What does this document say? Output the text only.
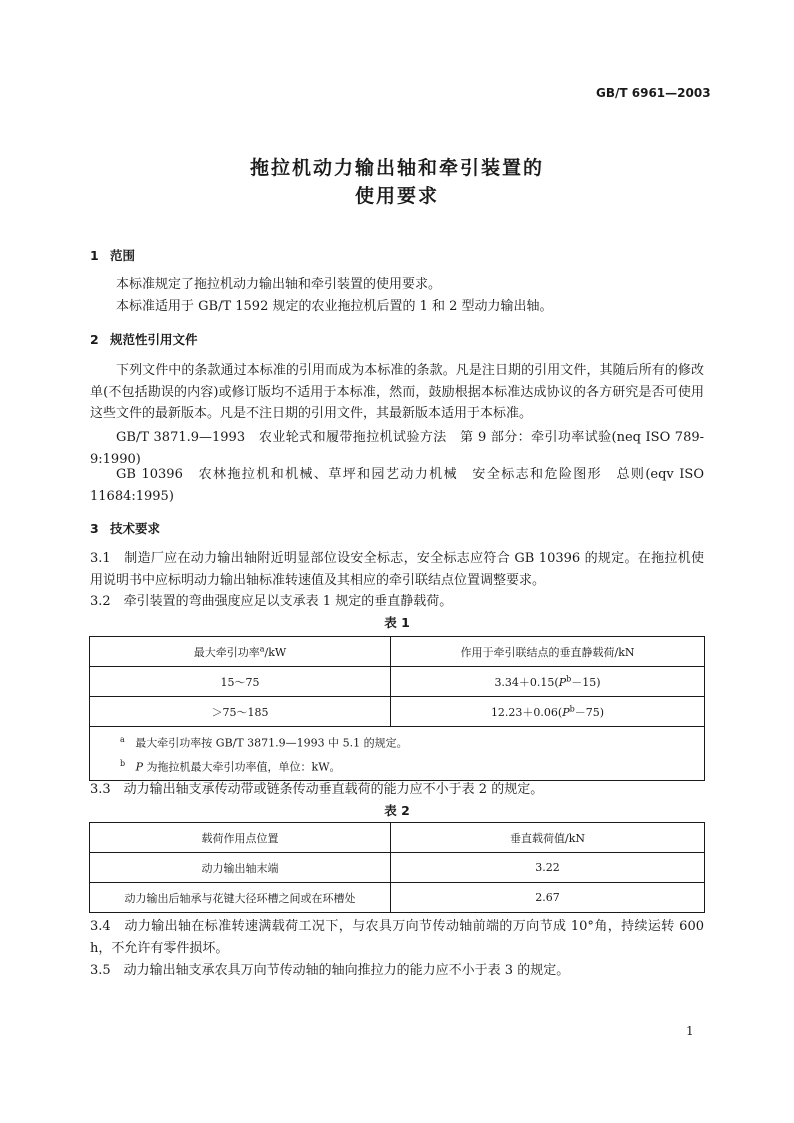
GB/T 6961—2003
拖拉机动力输出轴和牵引装置的
使用要求
1 范围
本标准规定了拖拉机动力输出轴和牵引装置的使用要求。
本标准适用于 GB/T 1592 规定的农业拖拉机后置的 1 和 2 型动力输出轴。
2 规范性引用文件
下列文件中的条款通过本标准的引用而成为本标准的条款。凡是注日期的引用文件，其随后所有的修改单(不包括勘误的内容)或修订版均不适用于本标准，然而，鼓励根据本标准达成协议的各方研究是否可使用这些文件的最新版本。凡是不注日期的引用文件，其最新版本适用于本标准。
GB/T 3871.9—1993　农业轮式和履带拖拉机试验方法　第 9 部分：牵引功率试验(neq ISO 789-9:1990)
GB 10396　农林拖拉机和机械、草坪和园艺动力机械　安全标志和危险图形　总则(eqv ISO 11684:1995)
3 技术要求
3.1　制造厂应在动力输出轴附近明显部位设安全标志，安全标志应符合 GB 10396 的规定。在拖拉机使用说明书中应标明动力输出轴标准转速值及其相应的牵引联结点位置调整要求。
3.2　牵引装置的弯曲强度应足以支承表 1 规定的垂直静载荷。
表 1
最大牵引功率$^a$/kW	作用于牵引联结点的垂直静载荷/kN
15～75	$3.34+0.15(P^b-15)$
＞75～185	$12.23+0.06(P^b-75)$

$^a$ 最大牵引功率按 GB/T 3871.9—1993 中 5.1 的规定。
$^b$ P 为拖拉机最大牵引功率值，单位：kW。	
3.3　动力输出轴支承传动带或链条传动垂直载荷的能力应不小于表 2 的规定。
表 2
载荷作用点位置	垂直载荷值/kN
动力输出轴末端	3.22
动力输出后轴承与花键大径环槽之间或在环槽处	2.67
3.4　动力输出轴在标准转速满载荷工况下，与农具万向节传动轴前端的万向节成 10°角，持续运转 600 h，不允许有零件损坏。
3.5　动力输出轴支承农具万向节传动轴的轴向推拉力的能力应不小于表 3 的规定。
1
